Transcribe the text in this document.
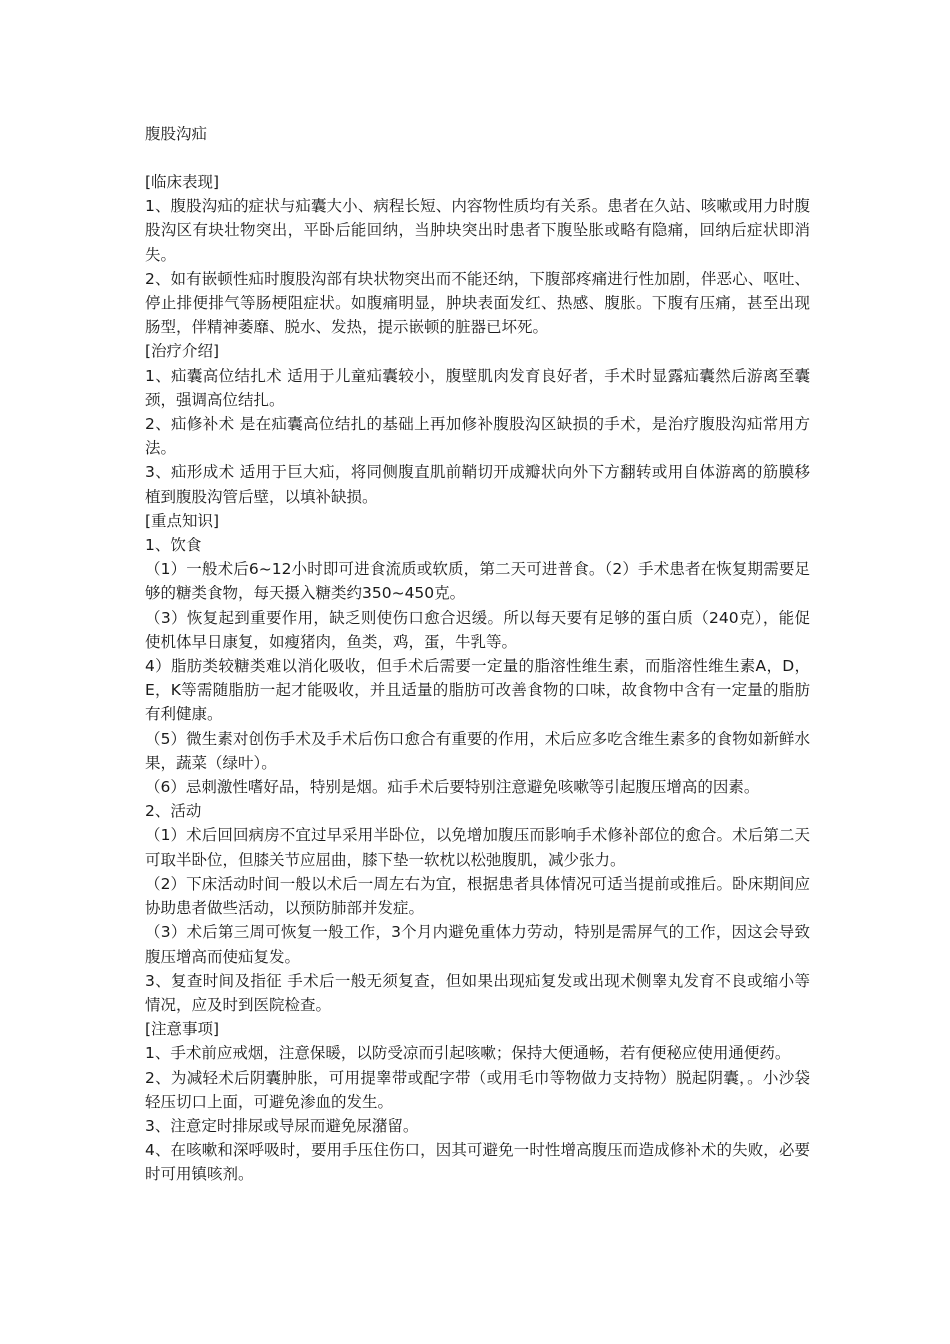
腹股沟疝
[临床表现]
1、腹股沟疝的症状与疝囊大小、病程长短、内容物性质均有关系。患者在久站、咳嗽或用力时腹股沟区有块壮物突出，平卧后能回纳，当肿块突出时患者下腹坠胀或略有隐痛，回纳后症状即消失。
2、如有嵌顿性疝时腹股沟部有块状物突出而不能还纳，下腹部疼痛进行性加剧，伴恶心、呕吐、停止排便排气等肠梗阻症状。如腹痛明显，肿块表面发红、热感、腹胀。下腹有压痛，甚至出现肠型，伴精神萎靡、脱水、发热，提示嵌顿的脏器已坏死。
[治疗介绍]
1、疝囊高位结扎术 适用于儿童疝囊较小，腹壁肌肉发育良好者，手术时显露疝囊然后游离至囊颈，强调高位结扎。
2、疝修补术 是在疝囊高位结扎的基础上再加修补腹股沟区缺损的手术，是治疗腹股沟疝常用方法。
3、疝形成术 适用于巨大疝，将同侧腹直肌前鞘切开成瓣状向外下方翻转或用自体游离的筋膜移植到腹股沟管后壁，以填补缺损。
[重点知识]
1、饮食
（1）一般术后6~12小时即可进食流质或软质，第二天可进普食。（2）手术患者在恢复期需要足够的糖类食物，每天摄入糖类约350~450克。
（3）恢复起到重要作用，缺乏则使伤口愈合迟缓。所以每天要有足够的蛋白质（240克），能促使机体早日康复，如瘦猪肉，鱼类，鸡，蛋，牛乳等。
4）脂肪类较糖类难以消化吸收，但手术后需要一定量的脂溶性维生素，而脂溶性维生素A，D，E，K等需随脂肪一起才能吸收，并且适量的脂肪可改善食物的口味，故食物中含有一定量的脂肪有利健康。
（5）微生素对创伤手术及手术后伤口愈合有重要的作用，术后应多吃含维生素多的食物如新鲜水果，蔬菜（绿叶）。
（6）忌刺激性嗜好品，特别是烟。疝手术后要特别注意避免咳嗽等引起腹压增高的因素。
2、活动
（1）术后回回病房不宜过早采用半卧位，以免增加腹压而影响手术修补部位的愈合。术后第二天可取半卧位，但膝关节应屈曲，膝下垫一软枕以松弛腹肌，减少张力。
（2）下床活动时间一般以术后一周左右为宜，根据患者具体情况可适当提前或推后。卧床期间应协助患者做些活动，以预防肺部并发症。
（3）术后第三周可恢复一般工作，3个月内避免重体力劳动，特别是需屏气的工作，因这会导致腹压增高而使疝复发。
3、复查时间及指征 手术后一般无须复查，但如果出现疝复发或出现术侧睾丸发育不良或缩小等情况，应及时到医院检查。
[注意事项]
1、手术前应戒烟，注意保暖，以防受凉而引起咳嗽；保持大便通畅，若有便秘应使用通便药。
2、为减轻术后阴囊肿胀，可用提睾带或配字带（或用毛巾等物做力支持物）脱起阴囊，。小沙袋轻压切口上面，可避免渗血的发生。
3、注意定时排尿或导尿而避免尿潴留。
4、在咳嗽和深呼吸时，要用手压住伤口，因其可避免一时性增高腹压而造成修补术的失败，必要时可用镇咳剂。
